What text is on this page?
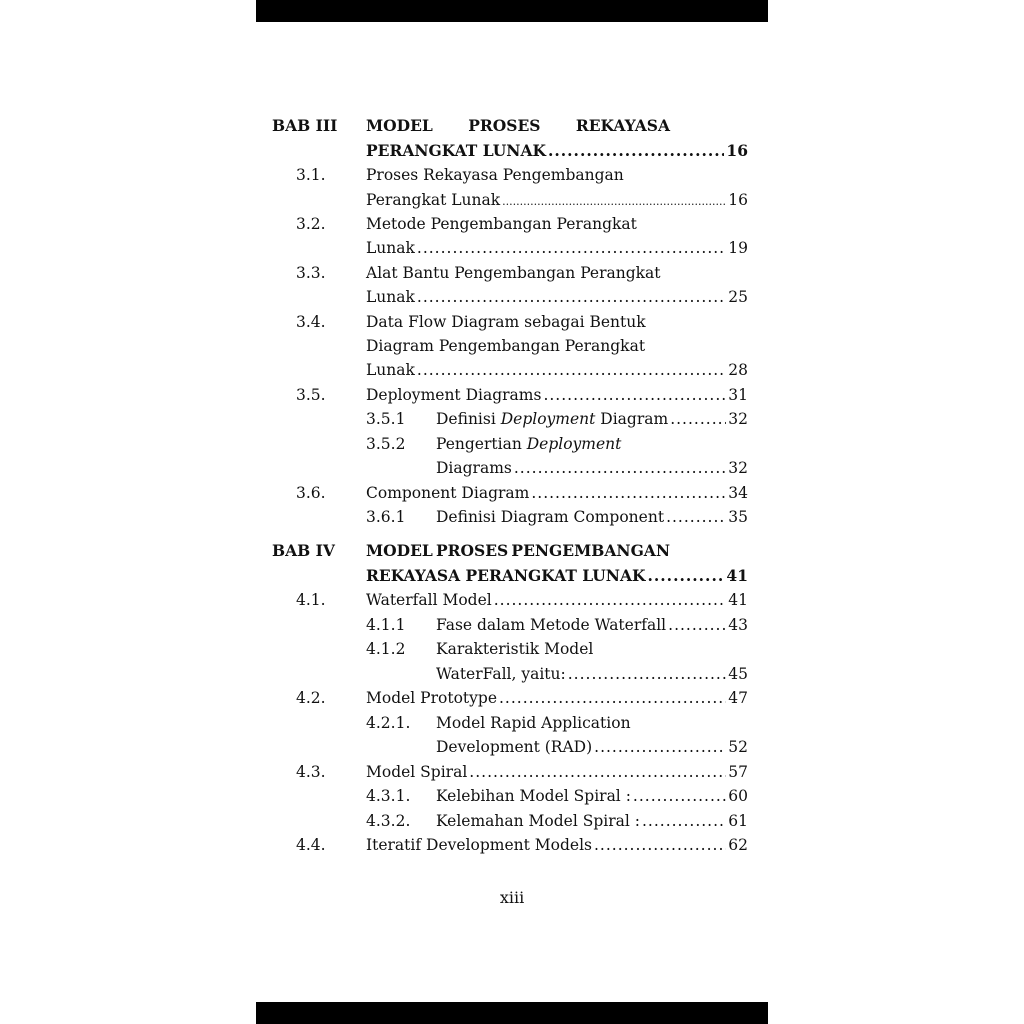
BAB III MODEL PROSES REKAYASA
PERANGKAT LUNAK .....	16
3.1.	Proses Rekayasa Pengembangan
Perangkat Lunak .....	16
3.2.	Metode Pengembangan Perangkat
Lunak .....	19
3.3.	Alat Bantu Pengembangan Perangkat
Lunak .....	25
3.4.	Data Flow Diagram sebagai Bentuk
Diagram Pengembangan Perangkat
Lunak .....	28
3.5.	Deployment Diagrams .....	31
3.5.1 Definisi Deployment Diagram .....	32
3.5.2 Pengertian Deployment
Diagrams .....	32
3.6.	Component Diagram .....	34
3.6.1 Definisi Diagram Component .....	35
BAB IV MODEL PROSES PENGEMBANGAN
REKAYASA PERANGKAT LUNAK .....	41
4.1.	Waterfall Model .....	41
4.1.1 Fase dalam Metode Waterfall .....	43
4.1.2 Karakteristik Model
WaterFall, yaitu: .....	45
4.2.	Model Prototype .....	47
4.2.1. Model Rapid Application
Development (RAD) .....	52
4.3.	Model Spiral .....	57
4.3.1. Kelebihan Model Spiral : .....	60
4.3.2. Kelemahan Model Spiral : .....	61
4.4.	Iteratif Development Models .....	62
xiii
